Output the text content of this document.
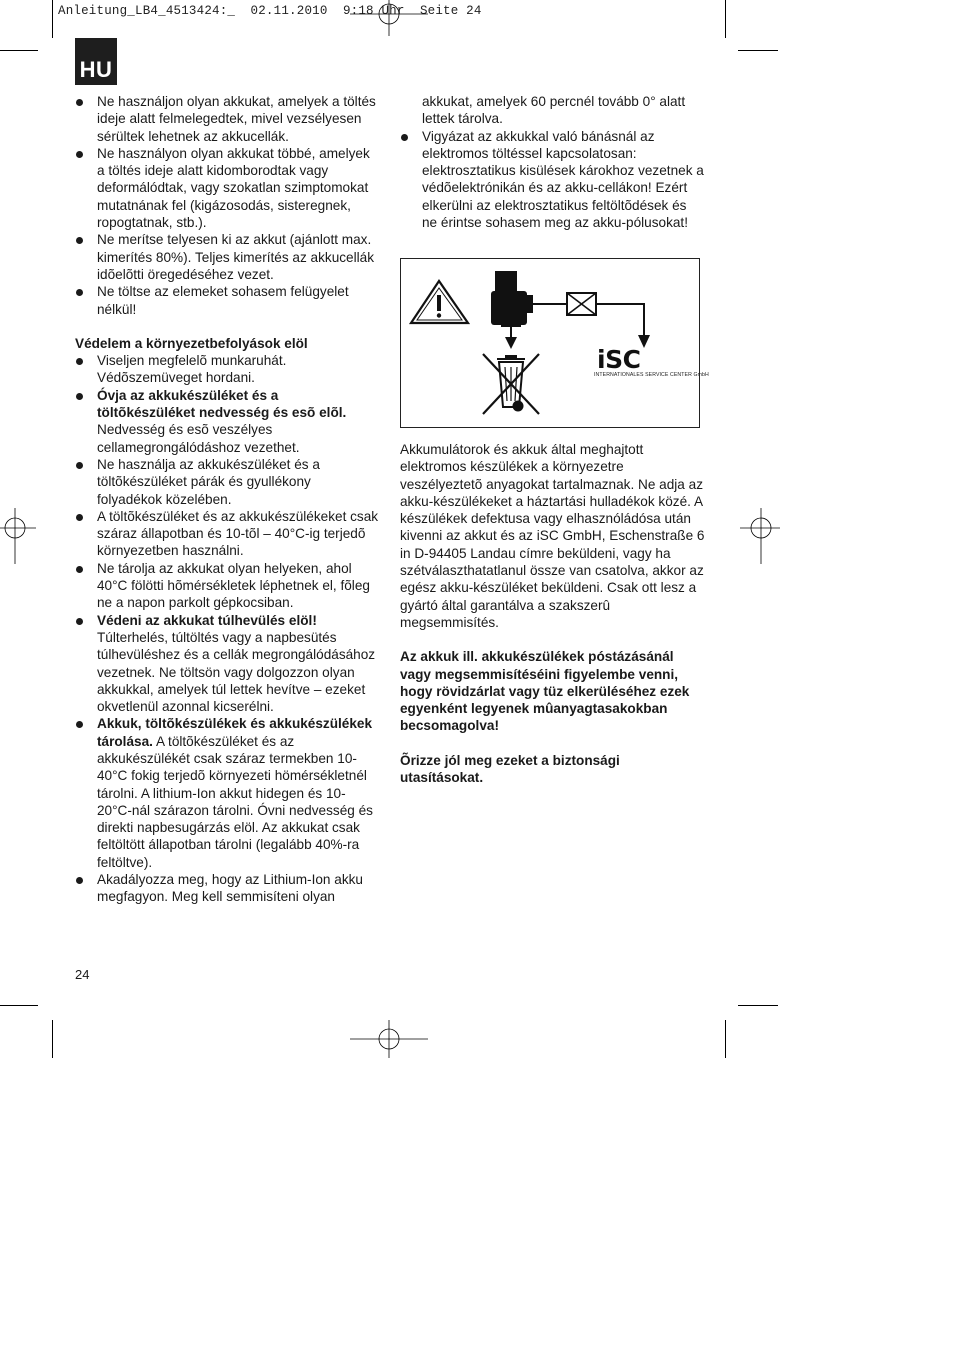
Anleitung_LB4_4513424:_  02.11.2010  9:18 Uhr  Seite 24
HU
Ne használjon olyan akkukat, amelyek a töltés ideje alatt felmelegedtek, mivel vezsélyesen sérültek lehetnek az akkucellák.
Ne használyon olyan akkukat többé, amelyek a töltés ideje alatt kidomborodtak vagy deformálódtak, vagy szokatlan szimptomokat mutatnának fel (kigázosodás, sisteregnek, ropogtatnak, stb.).
Ne merítse telyesen ki az akkut (ajánlott max. kimerítés 80%). Teljes kimerítés az akkucellák idõelõtti öregedéséhez vezet.
Ne töltse az elemeket sohasem felügyelet nélkül!
Védelem a környezetbefolyások elöl
Viseljen megfelelõ munkaruhát. Védõszemüveget hordani.
Óvja az akkukészüléket és a töltõkészüléket nedvesség és esõ elõl.
Nedvesség és esõ veszélyes cellamegrongálódáshoz vezethet.
Ne használja az akkukészüléket és a töltõkészüléket párák és gyullékony folyadékok közelében.
A töltõkészüléket és az akkukészülékeket csak száraz állapotban és 10-tõl – 40°C-ig terjedõ környezetben használni.
Ne tárolja az akkukat olyan helyeken, ahol 40°C fölötti hõmérsékletek léphetnek el, fõleg ne a napon parkolt gépkocsiban.
Védeni az akkukat túlhevülés elöl!
Túlterhelés, túltöltés vagy a napbesütés túlhevüléshez és a cellák megrongálódásához vezetnek. Ne töltsön vagy dolgozzon olyan akkukkal, amelyek túl lettek hevítve – ezeket okvetlenül azonnal kicserélni.
Akkuk, töltõkészülékek és akkukészülékek tárolása. A töltõkészüléket és az akkukészülékét csak száraz termekben 10-40°C fokig terjedõ környezeti hömérsékletnél tárolni. A lithium-Ion akkut hidegen és 10-20°C-nál szárazon tárolni. Óvni nedvesség és direkti napbesugárzás elöl. Az akkukat csak feltöltött állapotban tárolni (legalább 40%-ra feltöltve).
Akadályozza meg, hogy az Lithium-Ion akku megfagyon. Meg kell semmisíteni olyan
akkukat, amelyek 60 percnél tovább 0° alatt lettek tárolva.
Vigyázat az akkukkal való bánásnál az elektromos töltéssel kapcsolatosan: elektrosztatikus kisülések károkhoz vezetnek a védõelektrónikán és az akku-cellákon! Ezért elkerülni az elektrosztatikus feltöltõdések és ne érintse sohasem meg az akku-pólusokat!
iSC
INTERNATIONALES SERVICE CENTER GmbH
Akkumulátorok és akkuk által meghajtott elektromos készülékek a környezetre veszélyeztetõ anyagokat tartalmaznak. Ne adja az akku-készülékeket a háztartási hulladékok közé. A készülékek defektusa vagy elhasznóládósa után kivenni az akkut és az iSC GmbH, Eschenstraße 6 in D-94405 Landau címre beküldeni, vagy ha szétválaszthatatlanul össze van csatolva, akkor az egész akku-készüléket beküldeni. Csak ott lesz a gyártó által garantálva a szakszerû megsemmisítés.
Az akkuk ill. akkukészülékek póstázásánál vagy megsemmisítéséini figyelembe venni, hogy rövidzárlat vagy tüz elkerüléséhez ezek egyenként legyenek mûanyagtasakokban becsomagolva!
Õrizze jól meg ezeket a biztonsági utasításokat.
24
